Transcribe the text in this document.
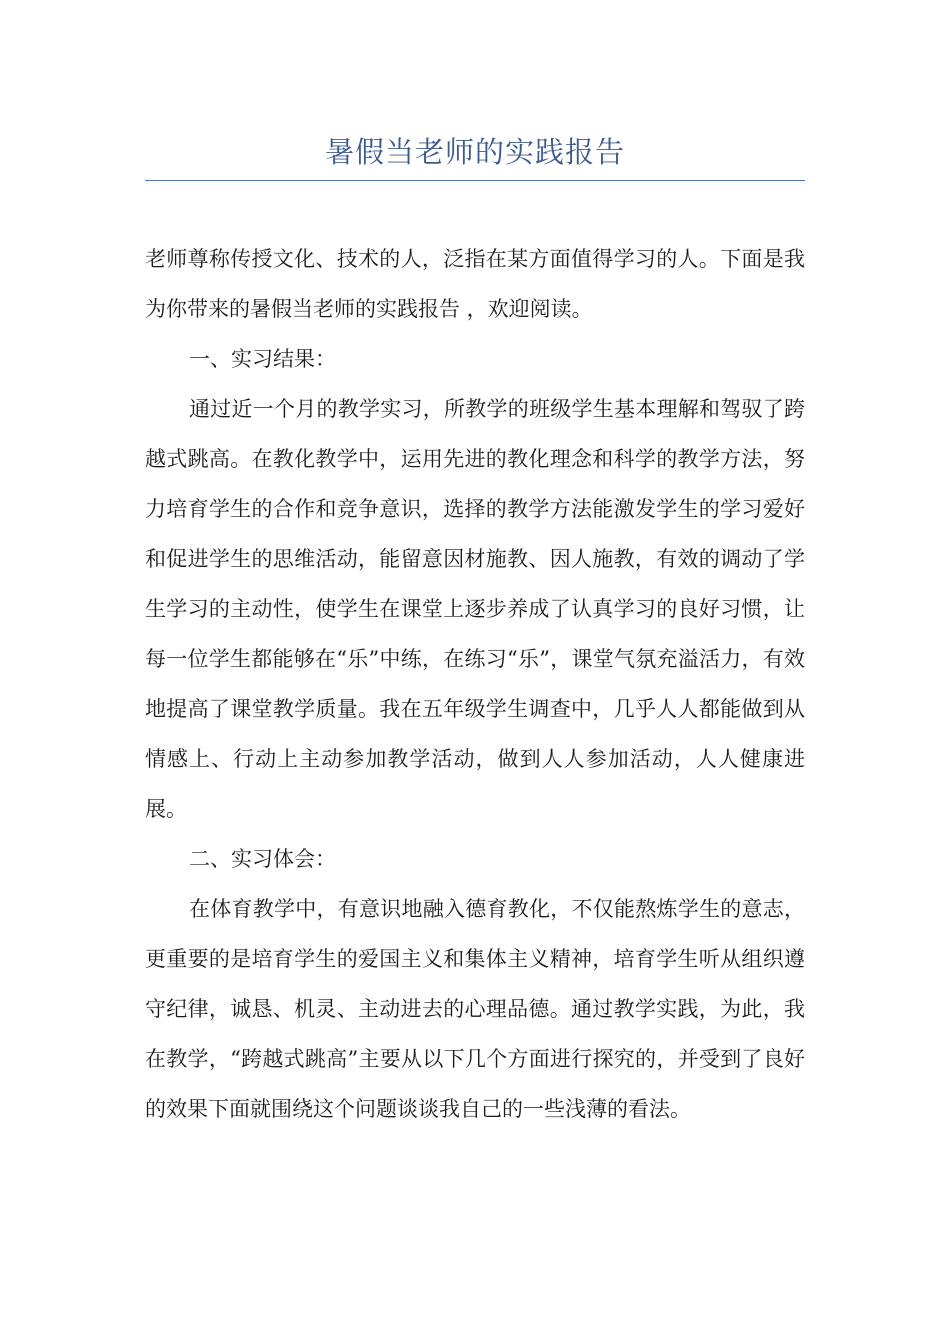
暑假当老师的实践报告

老师尊称传授文化、技术的人，泛指在某方面值得学习的人。下面是我为你带来的暑假当老师的实践报告 ，欢迎阅读。

一、实习结果：

通过近一个月的教学实习，所教学的班级学生基本理解和驾驭了跨越式跳高。在教化教学中，运用先进的教化理念和科学的教学方法，努力培育学生的合作和竞争意识，选择的教学方法能激发学生的学习爱好和促进学生的思维活动，能留意因材施教、因人施教，有效的调动了学生学习的主动性，使学生在课堂上逐步养成了认真学习的良好习惯，让每一位学生都能够在“乐”中练，在练习“乐”，课堂气氛充溢活力，有效地提高了课堂教学质量。我在五年级学生调查中，几乎人人都能做到从情感上、行动上主动参加教学活动，做到人人参加活动，人人健康进展。

二、实习体会：

在体育教学中，有意识地融入德育教化，不仅能熬炼学生的意志，更重要的是培育学生的爱国主义和集体主义精神，培育学生听从组织遵守纪律，诚恳、机灵、主动进去的心理品德。通过教学实践，为此，我在教学，“跨越式跳高”主要从以下几个方面进行探究的，并受到了良好的效果下面就围绕这个问题谈谈我自己的一些浅薄的看法。
